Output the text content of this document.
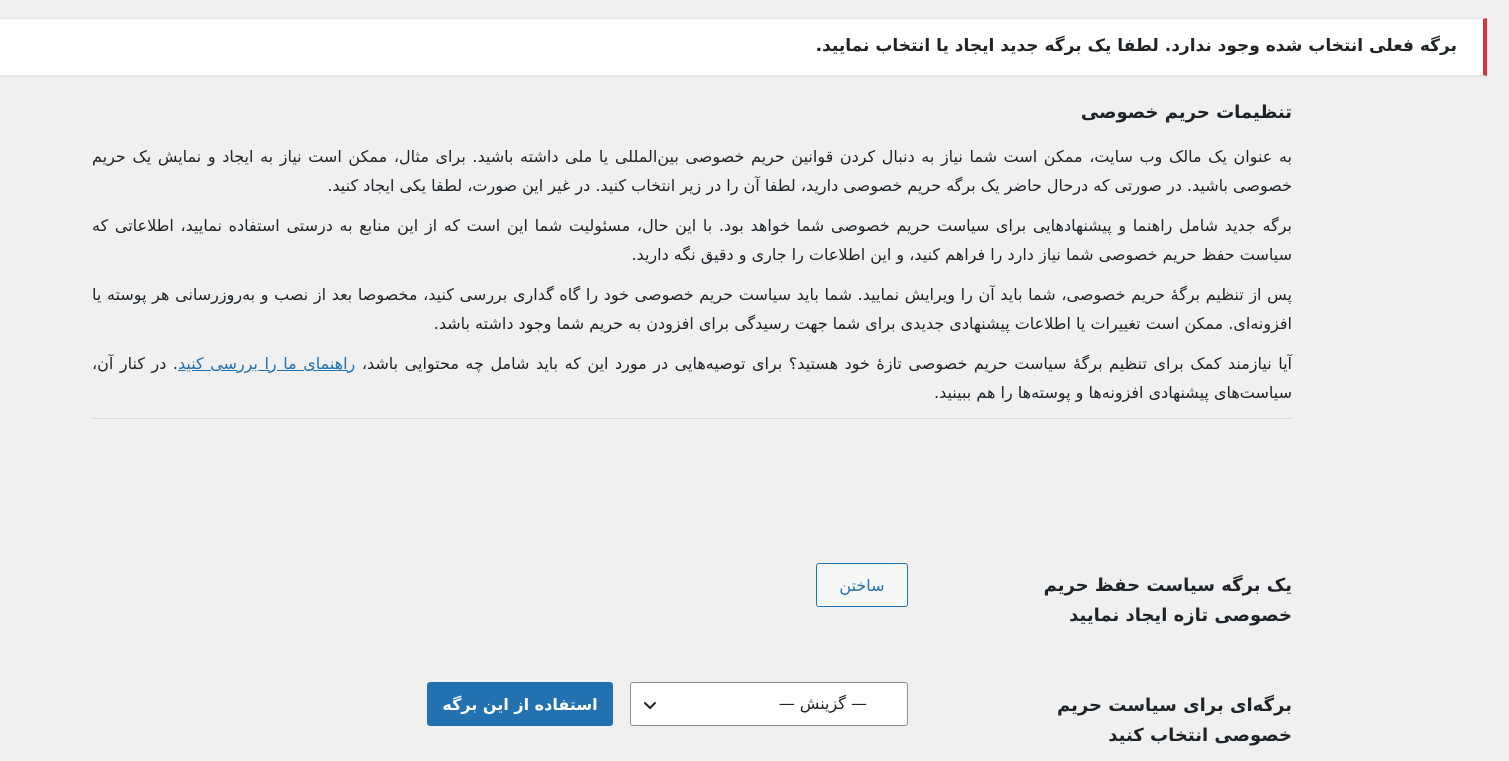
برگه فعلی انتخاب شده وجود ندارد. لطفا یک برگه جدید ایجاد یا انتخاب نمایید.

تنظیمات حریم خصوصی

به عنوان یک مالک وب سایت، ممکن است شما نیاز به دنبال کردن قوانین حریم خصوصی بین‌المللی یا ملی داشته باشید. برای مثال، ممکن است نیاز به ایجاد و نمایش یک حریم خصوصی باشید. در صورتی که درحال حاضر یک برگه حریم خصوصی دارید، لطفا آن را در زیر انتخاب کنید. در غیر این صورت، لطفا یکی ایجاد کنید.

برگه جدید شامل راهنما و پیشنهادهایی برای سیاست حریم خصوصی شما خواهد بود. با این حال، مسئولیت شما این است که از این منابع به درستی استفاده نمایید، اطلاعاتی که سیاست حفظ حریم خصوصی شما نیاز دارد را فراهم کنید، و این اطلاعات را جاری و دقیق نگه دارید.

پس از تنظیم برگهٔ حریم خصوصی، شما باید آن را ویرایش نمایید. شما باید سیاست حریم خصوصی خود را گاه گداری بررسی کنید، مخصوصا بعد از نصب و به‌روزرسانی هر پوسته یا افزونه‌ای. ممکن است تغییرات یا اطلاعات پیشنهادی جدیدی برای شما جهت رسیدگی برای افزودن به حریم شما وجود داشته باشد.

آیا نیازمند کمک برای تنظیم برگهٔ سیاست حریم خصوصی تازهٔ خود هستید؟ برای توصیه‌هایی در مورد این که باید شامل چه محتوایی باشد، راهنمای ما را بررسی کنید. در کنار آن، سیاست‌های پیشنهادی افزونه‌ها و پوسته‌ها را هم ببینید.

یک برگه سیاست حفظ حریم خصوصی تازه ایجاد نمایید

ساختن

برگه‌ای برای سیاست حریم خصوصی انتخاب کنید

— گزینش —
استفاده از این برگه
